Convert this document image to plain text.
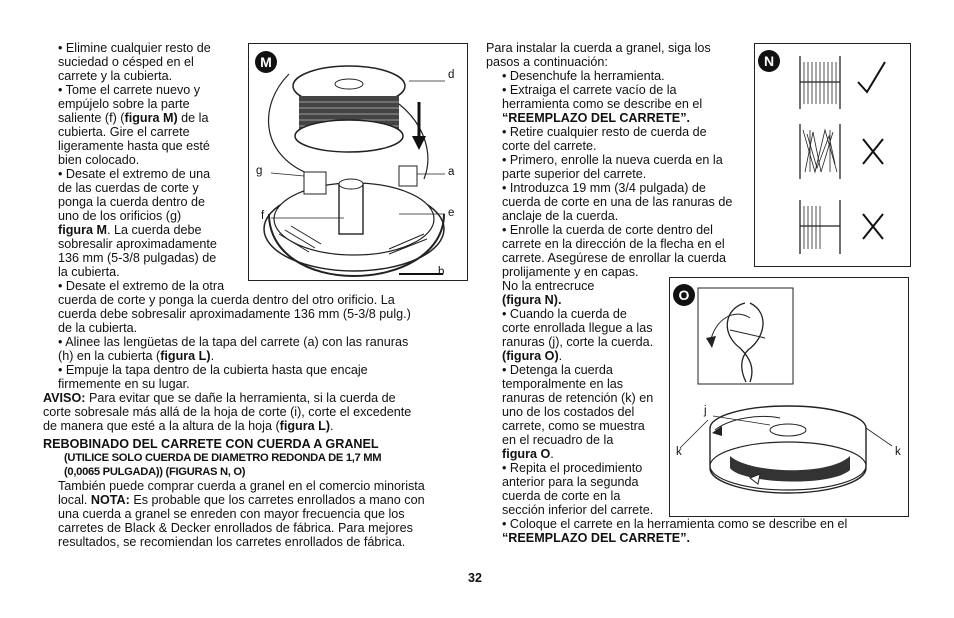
• Elimine cualquier resto de

suciedad o césped en el

carrete y la cubierta.

• Tome el carrete nuevo y

empújelo sobre la parte

saliente (f) (figura M) de la

cubierta. Gire el carrete

ligeramente hasta que esté

bien colocado.

• Desate el extremo de una

de las cuerdas de corte y

ponga la cuerda dentro de

uno de los orificios (g)

figura M. La cuerda debe

sobresalir aproximadamente

136 mm (5-3/8 pulgadas) de

la cubierta.

• Desate el extremo de la otra

cuerda de corte y ponga la cuerda dentro del otro orificio. La

cuerda debe sobresalir aproximadamente 136 mm (5-3/8 pulg.)

de la cubierta.

• Alinee las lengüetas de la tapa del carrete (a) con las ranuras

(h) en la cubierta (figura L).

• Empuje la tapa dentro de la cubierta hasta que encaje

firmemente en su lugar.

AVISO: Para evitar que se dañe la herramienta, si la cuerda de

corte sobresale más allá de la hoja de corte (i), corte el excedente

de manera que esté a la altura de la hoja (figura L).

REBOBINADO DEL CARRETE CON CUERDA A GRANEL

(UTILICE SOLO CUERDA DE DIAMETRO REDONDA DE 1,7 MM

(0,0065 PULGADA)) (FIGURAS N, O)

También puede comprar cuerda a granel en el comercio minorista

local. NOTA: Es probable que los carretes enrollados a mano con

una cuerda a granel se enreden con mayor frecuencia que los

carretes de Black & Decker enrollados de fábrica. Para mejores

resultados, se recomiendan los carretes enrollados de fábrica.

M
d
a
g
e
f
b

Para instalar la cuerda a granel, siga los

pasos a continuación:

• Desenchufe la herramienta.

• Extraiga el carrete vacío de la

herramienta como se describe en el

“REEMPLAZO DEL CARRETE”.

• Retire cualquier resto de cuerda de

corte del carrete.

• Primero, enrolle la nueva cuerda en la

parte superior del carrete.

• Introduzca 19 mm (3/4 pulgada) de

cuerda de corte en una de las ranuras de

anclaje de la cuerda.

• Enrolle la cuerda de corte dentro del

carrete en la dirección de la flecha en el

carrete. Asegúrese de enrollar la cuerda

prolijamente y en capas.

No la entrecruce

(figura N).

• Cuando la cuerda de

corte enrollada llegue a las

ranuras (j), corte la cuerda.

(figura O).

• Detenga la cuerda

temporalmente en las

ranuras de retención (k) en

uno de los costados del

carrete, como se muestra

en el recuadro de la

figura O.

• Repita el procedimiento

anterior para la segunda

cuerda de corte en la

sección inferior del carrete.

• Coloque el carrete en la herramienta como se describe en el

“REEMPLAZO DEL CARRETE”.

N
O
j
k	k
32
